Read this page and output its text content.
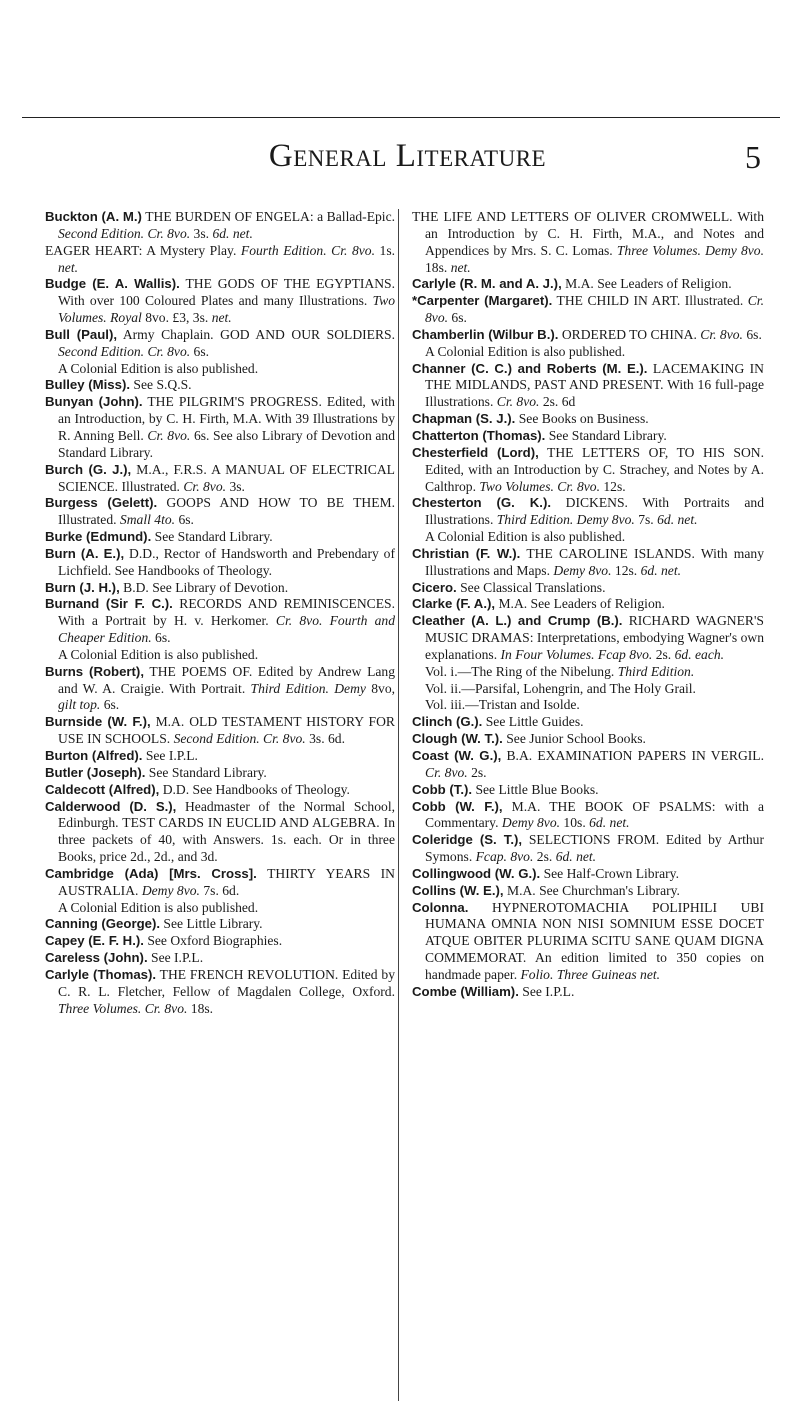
General Literature	5

Buckton (A. M.) THE BURDEN OF ENGELA: a Ballad-Epic. Second Edition. Cr. 8vo. 3s. 6d. net.

EAGER HEART: A Mystery Play. Fourth Edition. Cr. 8vo. 1s. net.

Budge (E. A. Wallis). THE GODS OF THE EGYPTIANS. With over 100 Coloured Plates and many Illustrations. Two Volumes. Royal 8vo. £3, 3s. net.

Bull (Paul), Army Chaplain. GOD AND OUR SOLDIERS. Second Edition. Cr. 8vo. 6s.

A Colonial Edition is also published.

Bulley (Miss). See S.Q.S.

Bunyan (John). THE PILGRIM'S PROGRESS. Edited, with an Introduction, by C. H. Firth, M.A. With 39 Illustrations by R. Anning Bell. Cr. 8vo. 6s. See also Library of Devotion and Standard Library.

Burch (G. J.), M.A., F.R.S. A MANUAL OF ELECTRICAL SCIENCE. Illustrated. Cr. 8vo. 3s.

Burgess (Gelett). GOOPS AND HOW TO BE THEM. Illustrated. Small 4to. 6s.

Burke (Edmund). See Standard Library.

Burn (A. E.), D.D., Rector of Handsworth and Prebendary of Lichfield. See Handbooks of Theology.

Burn (J. H.), B.D. See Library of Devotion.

Burnand (Sir F. C.). RECORDS AND REMINISCENCES. With a Portrait by H. v. Herkomer. Cr. 8vo. Fourth and Cheaper Edition. 6s.

A Colonial Edition is also published.

Burns (Robert), THE POEMS OF. Edited by Andrew Lang and W. A. Craigie. With Portrait. Third Edition. Demy 8vo, gilt top. 6s.

Burnside (W. F.), M.A. OLD TESTAMENT HISTORY FOR USE IN SCHOOLS. Second Edition. Cr. 8vo. 3s. 6d.

Burton (Alfred). See I.P.L.

Butler (Joseph). See Standard Library.

Caldecott (Alfred), D.D. See Handbooks of Theology.

Calderwood (D. S.), Headmaster of the Normal School, Edinburgh. TEST CARDS IN EUCLID AND ALGEBRA. In three packets of 40, with Answers. 1s. each. Or in three Books, price 2d., 2d., and 3d.

Cambridge (Ada) [Mrs. Cross]. THIRTY YEARS IN AUSTRALIA. Demy 8vo. 7s. 6d.

A Colonial Edition is also published.

Canning (George). See Little Library.

Capey (E. F. H.). See Oxford Biographies.

Careless (John). See I.P.L.

Carlyle (Thomas). THE FRENCH REVOLUTION. Edited by C. R. L. Fletcher, Fellow of Magdalen College, Oxford. Three Volumes. Cr. 8vo. 18s.

THE LIFE AND LETTERS OF OLIVER CROMWELL. With an Introduction by C. H. Firth, M.A., and Notes and Appendices by Mrs. S. C. Lomas. Three Volumes. Demy 8vo. 18s. net.

Carlyle (R. M. and A. J.), M.A. See Leaders of Religion.

*Carpenter (Margaret). THE CHILD IN ART. Illustrated. Cr. 8vo. 6s.

Chamberlin (Wilbur B.). ORDERED TO CHINA. Cr. 8vo. 6s.

A Colonial Edition is also published.

Channer (C. C.) and Roberts (M. E.). LACEMAKING IN THE MIDLANDS, PAST AND PRESENT. With 16 full-page Illustrations. Cr. 8vo. 2s. 6d

Chapman (S. J.). See Books on Business.

Chatterton (Thomas). See Standard Library.

Chesterfield (Lord), THE LETTERS OF, TO HIS SON. Edited, with an Introduction by C. Strachey, and Notes by A. Calthrop. Two Volumes. Cr. 8vo. 12s.

Chesterton (G. K.). DICKENS. With Portraits and Illustrations. Third Edition. Demy 8vo. 7s. 6d. net.

A Colonial Edition is also published.

Christian (F. W.). THE CAROLINE ISLANDS. With many Illustrations and Maps. Demy 8vo. 12s. 6d. net.

Cicero. See Classical Translations.

Clarke (F. A.), M.A. See Leaders of Religion.

Cleather (A. L.) and Crump (B.). RICHARD WAGNER'S MUSIC DRAMAS: Interpretations, embodying Wagner's own explanations. In Four Volumes. Fcap 8vo. 2s. 6d. each.

Vol. i.—The Ring of the Nibelung. Third Edition.

Vol. ii.—Parsifal, Lohengrin, and The Holy Grail.

Vol. iii.—Tristan and Isolde.

Clinch (G.). See Little Guides.

Clough (W. T.). See Junior School Books.

Coast (W. G.), B.A. EXAMINATION PAPERS IN VERGIL. Cr. 8vo. 2s.

Cobb (T.). See Little Blue Books.

Cobb (W. F.), M.A. THE BOOK OF PSALMS: with a Commentary. Demy 8vo. 10s. 6d. net.

Coleridge (S. T.), SELECTIONS FROM. Edited by Arthur Symons. Fcap. 8vo. 2s. 6d. net.

Collingwood (W. G.). See Half-Crown Library.

Collins (W. E.), M.A. See Churchman's Library.

Colonna. HYPNEROTOMACHIA POLIPHILI UBI HUMANA OMNIA NON NISI SOMNIUM ESSE DOCET ATQUE OBITER PLURIMA SCITU SANE QUAM DIGNA COMMEMORAT. An edition limited to 350 copies on handmade paper. Folio. Three Guineas net.

Combe (William). See I.P.L.
